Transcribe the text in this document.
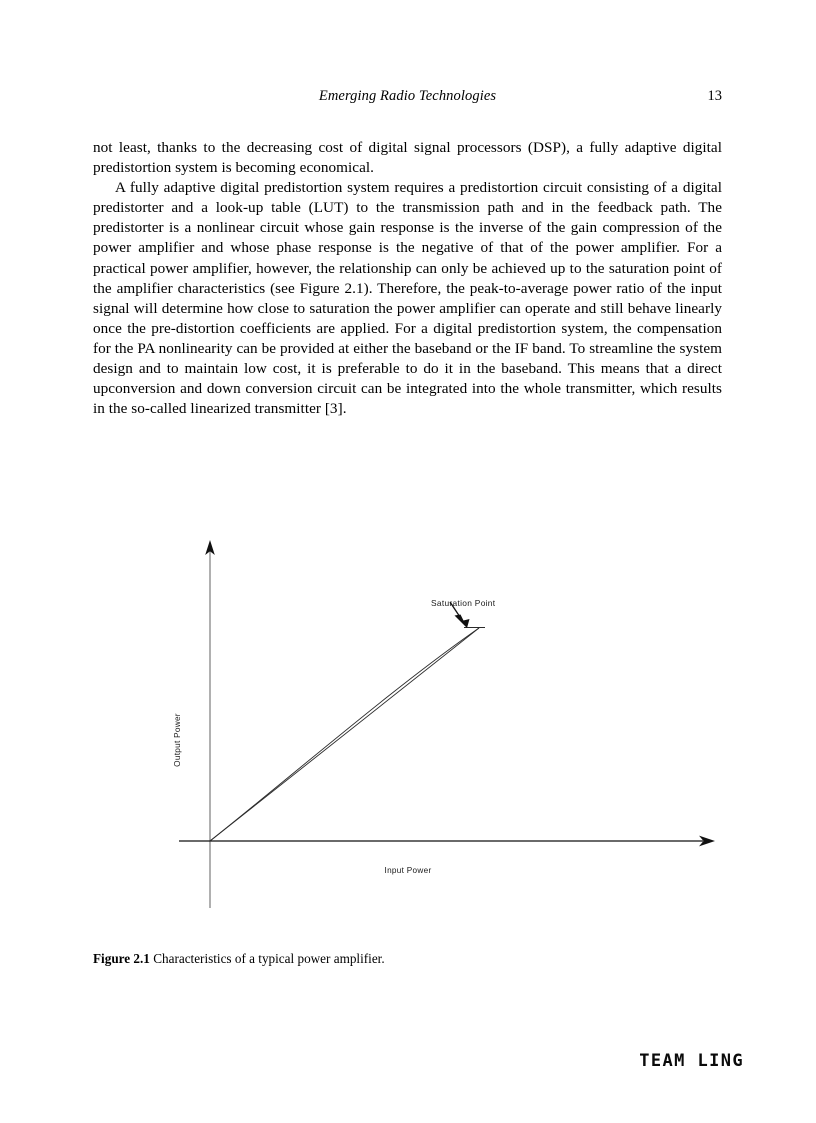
Emerging Radio Technologies	13

not least, thanks to the decreasing cost of digital signal processors (DSP), a fully adaptive digital predistortion system is becoming economical.

A fully adaptive digital predistortion system requires a predistortion circuit consisting of a digital predistorter and a look-up table (LUT) to the transmission path and in the feedback path. The predistorter is a nonlinear circuit whose gain response is the inverse of the gain compression of the power amplifier and whose phase response is the negative of that of the power amplifier. For a practical power amplifier, however, the relationship can only be achieved up to the saturation point of the amplifier characteristics (see Figure 2.1). Therefore, the peak-to-average power ratio of the input signal will determine how close to saturation the power amplifier can operate and still behave linearly once the pre-distortion coefficients are applied. For a digital predistortion system, the compensation for the PA nonlinearity can be provided at either the baseband or the IF band. To streamline the system design and to maintain low cost, it is preferable to do it in the baseband. This means that a direct upconversion and down conversion circuit can be integrated into the whole transmitter, which results in the so-called linearized transmitter [3].

Saturation Point
Input Power
Output Power
Figure 2.1 Characteristics of a typical power amplifier.
TEAM LING
